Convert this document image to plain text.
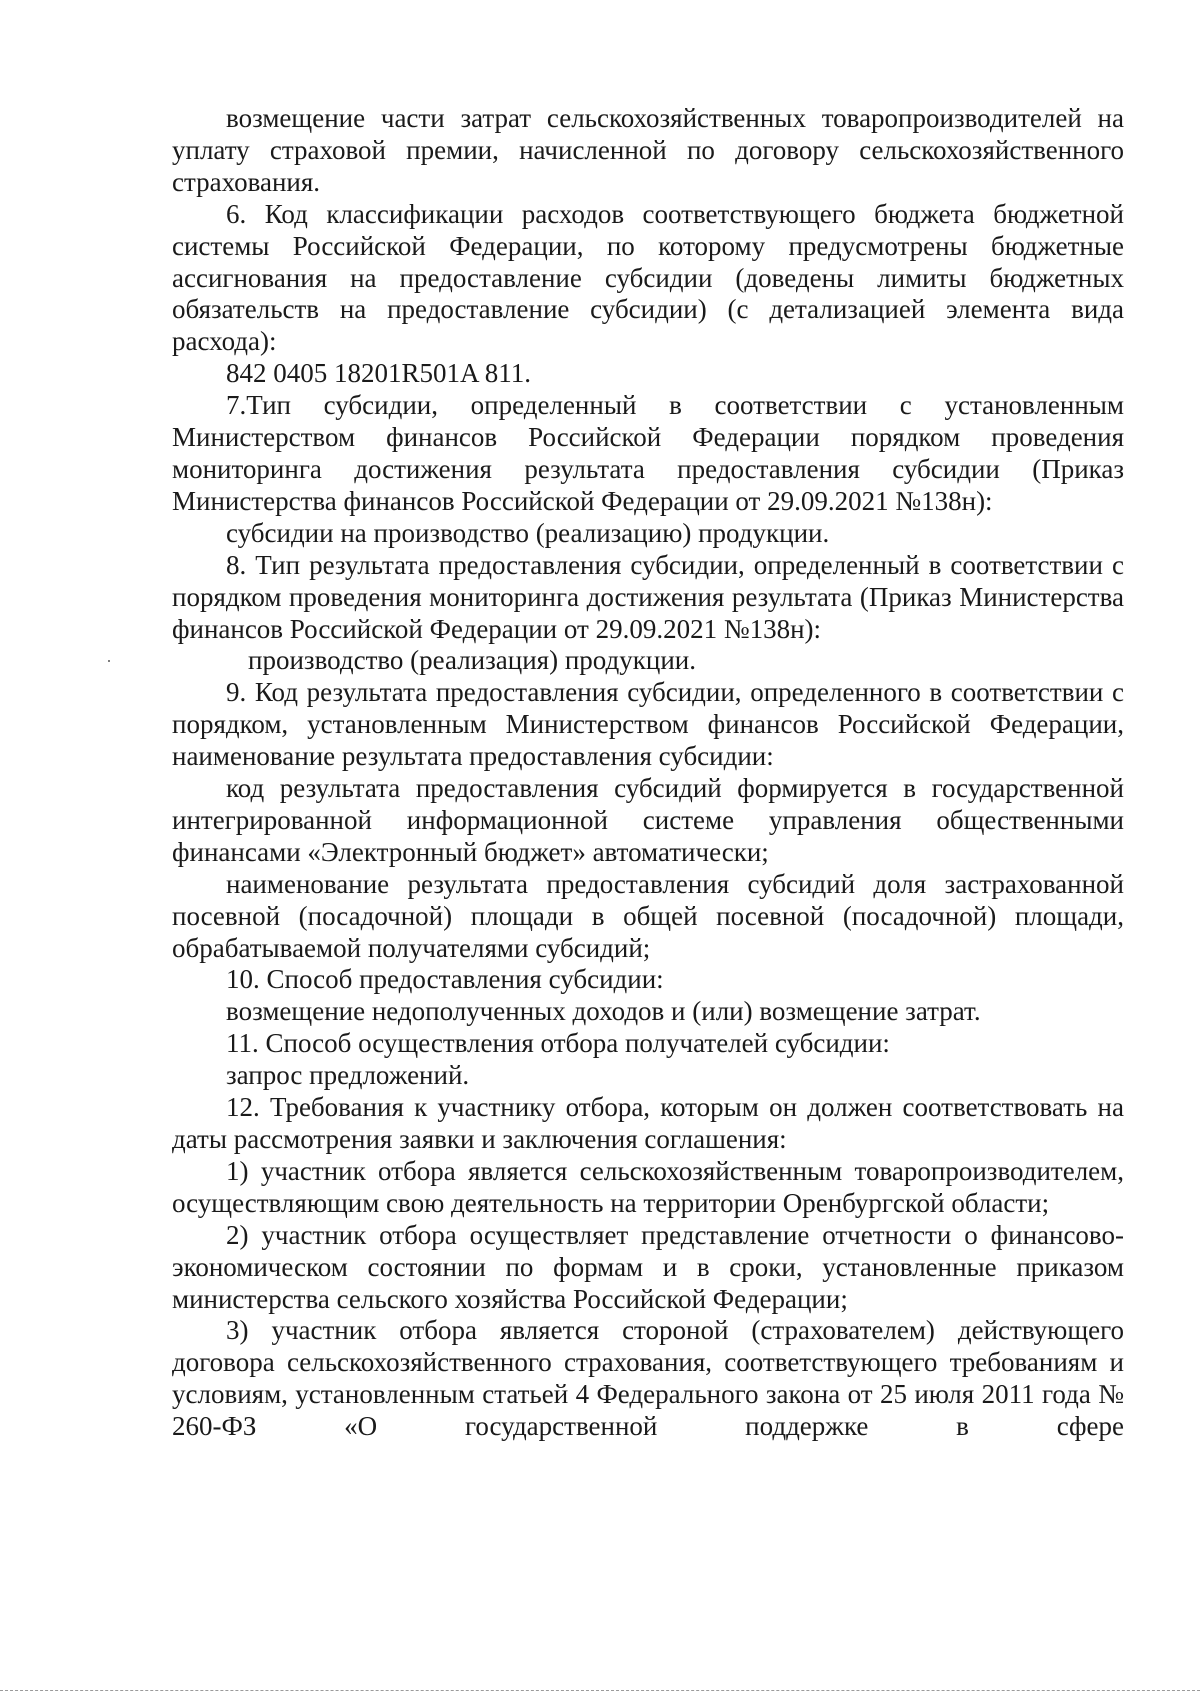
возмещение части затрат сельскохозяйственных товаропроизводителей на уплату страховой премии, начисленной по договору сельскохозяйственного страхования.

6. Код классификации расходов соответствующего бюджета бюджетной системы Российской Федерации, по которому предусмотрены бюджетные ассигнования на предоставление субсидии (доведены лимиты бюджетных обязательств на предоставление субсидии) (с детализацией элемента вида расхода):

842 0405 18201R501A 811.

7.Тип субсидии, определенный в соответствии с установленным Министерством финансов Российской Федерации порядком проведения мониторинга достижения результата предоставления субсидии (Приказ Министерства финансов Российской Федерации от 29.09.2021 №138н):

субсидии на производство (реализацию) продукции.

8. Тип результата предоставления субсидии, определенный в соответствии с порядком проведения мониторинга достижения результата (Приказ Министерства финансов Российской Федерации от 29.09.2021 №138н):

производство (реализация) продукции.

9. Код результата предоставления субсидии, определенного в соответствии с порядком, установленным Министерством финансов Российской Федерации, наименование результата предоставления субсидии:

код результата предоставления субсидий формируется в государственной интегрированной информационной системе управления общественными финансами «Электронный бюджет» автоматически;

наименование результата предоставления субсидий доля застрахованной посевной (посадочной) площади в общей посевной (посадочной) площади, обрабатываемой получателями субсидий;

10. Способ предоставления субсидии:

возмещение недополученных доходов и (или) возмещение затрат.

11. Способ осуществления отбора получателей субсидии:

запрос предложений.

12. Требования к участнику отбора, которым он должен соответствовать на даты рассмотрения заявки и заключения соглашения:

1) участник отбора является сельскохозяйственным товаропроизводителем, осуществляющим свою деятельность на территории Оренбургской области;

2) участник отбора осуществляет представление отчетности о финансово-экономическом состоянии по формам и в сроки, установленные приказом министерства сельского хозяйства Российской Федерации;

3) участник отбора является стороной (страхователем) действующего договора сельскохозяйственного страхования, соответствующего требованиям и условиям, установленным статьей 4 Федерального закона от 25 июля 2011 года № 260-ФЗ «О государственной поддержке в сфере
